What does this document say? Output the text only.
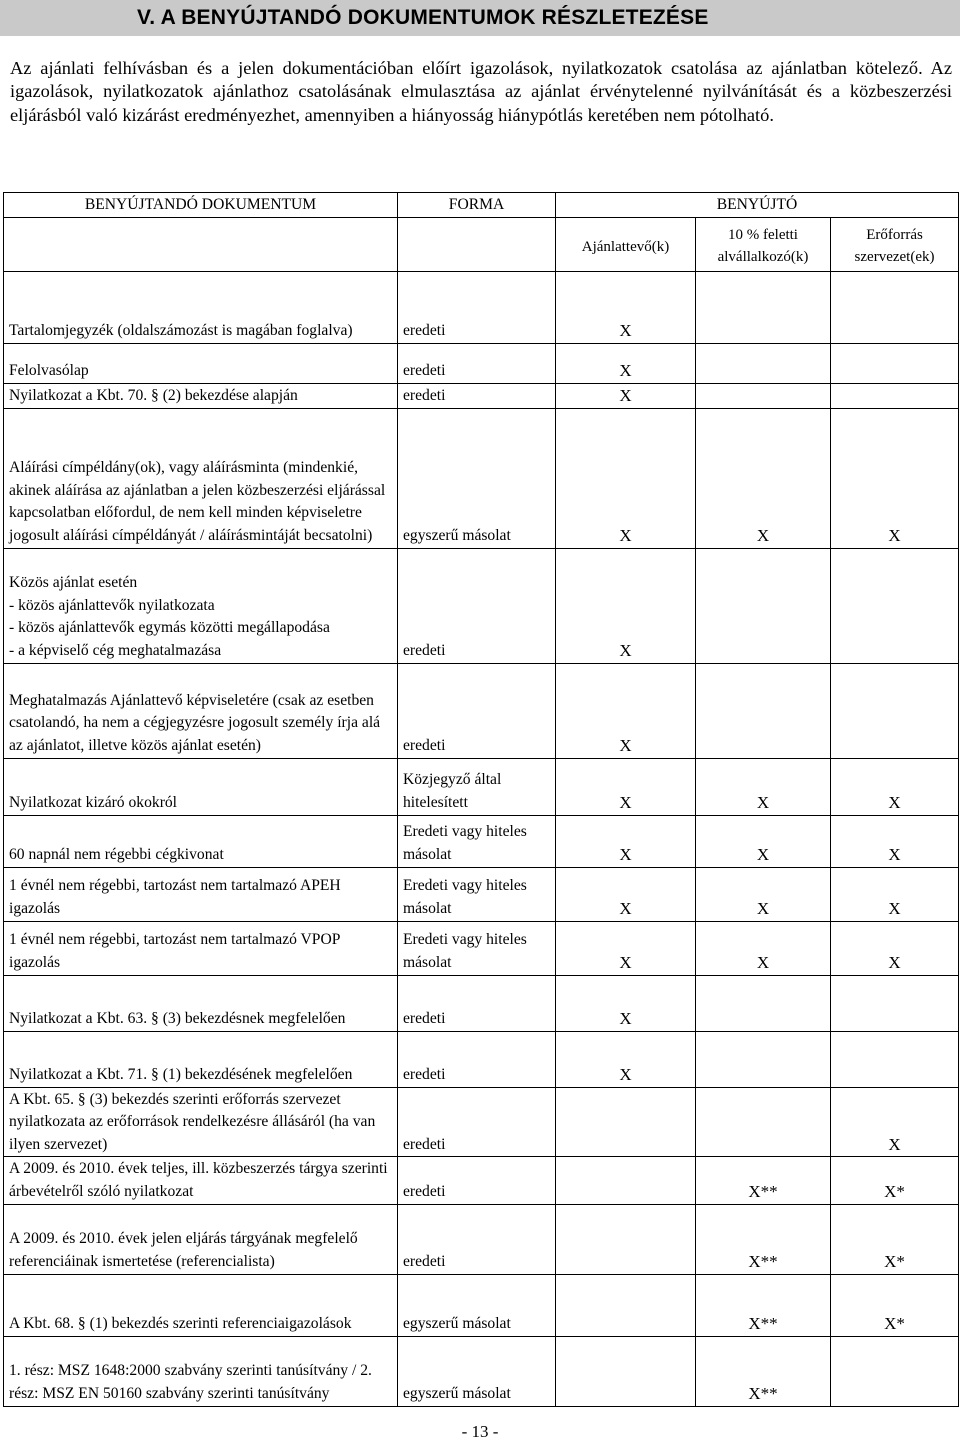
V. A BENYÚJTANDÓ DOKUMENTUMOK RÉSZLETEZÉSE
Az ajánlati felhívásban és a jelen dokumentációban előírt igazolások, nyilatkozatok csatolása az ajánlatban kötelező. Az igazolások, nyilatkozatok ajánlathoz csatolásának elmulasztása az ajánlat érvénytelenné nyilvánítását és a közbeszerzési eljárásból való kizárást eredményezhet, amennyiben a hiányosság hiánypótlás keretében nem pótolható.
BENYÚJTANDÓ DOKUMENTUM	FORMA	BENYÚJTÓ		
		Ajánlattevő(k)	10 % feletti alvállalkozó(k)	Erőforrás szervezet(ek)
Tartalomjegyzék (oldalszámozást is magában foglalva)	eredeti	X		
Felolvasólap	eredeti	X		
Nyilatkozat a Kbt. 70. § (2) bekezdése alapján	eredeti	X		
Aláírási címpéldány(ok), vagy aláírásminta (mindenkié, akinek aláírása az ajánlatban a jelen közbeszerzési eljárással kapcsolatban előfordul, de nem kell minden képviseletre jogosult aláírási címpéldányát / aláírásmintáját becsatolni)	egyszerű másolat	X	X	X
Közös ajánlat esetén
- közös ajánlattevők nyilatkozata
- közös ajánlattevők egymás közötti megállapodása
- a képviselő cég meghatalmazása	eredeti	X		
Meghatalmazás Ajánlattevő képviseletére (csak az esetben csatolandó, ha nem a cégjegyzésre jogosult személy írja alá az ajánlatot, illetve közös ajánlat esetén)	eredeti	X		
Nyilatkozat kizáró okokról	Közjegyző által hitelesített	X	X	X
60 napnál nem régebbi cégkivonat	Eredeti vagy hiteles másolat	X	X	X
1 évnél nem régebbi, tartozást nem tartalmazó APEH igazolás	Eredeti vagy hiteles másolat	X	X	X
1 évnél nem régebbi, tartozást nem tartalmazó VPOP igazolás	Eredeti vagy hiteles másolat	X	X	X
Nyilatkozat a Kbt. 63. § (3) bekezdésnek megfelelően	eredeti	X		
Nyilatkozat a Kbt. 71. § (1) bekezdésének megfelelően	eredeti	X		
A Kbt. 65. § (3) bekezdés szerinti erőforrás szervezet nyilatkozata az erőforrások rendelkezésre állásáról (ha van ilyen szervezet)	eredeti			X
A 2009. és 2010. évek teljes, ill. közbeszerzés tárgya szerinti árbevételről szóló nyilatkozat	eredeti		X**	X*
A 2009. és 2010. évek jelen eljárás tárgyának megfelelő referenciáinak ismertetése (referencialista)	eredeti		X**	X*
A Kbt. 68. § (1) bekezdés szerinti referenciaigazolások	egyszerű másolat		X**	X*
1. rész: MSZ 1648:2000 szabvány szerinti tanúsítvány / 2. rész: MSZ EN 50160 szabvány szerinti tanúsítvány	egyszerű másolat		X**	
- 13 -
